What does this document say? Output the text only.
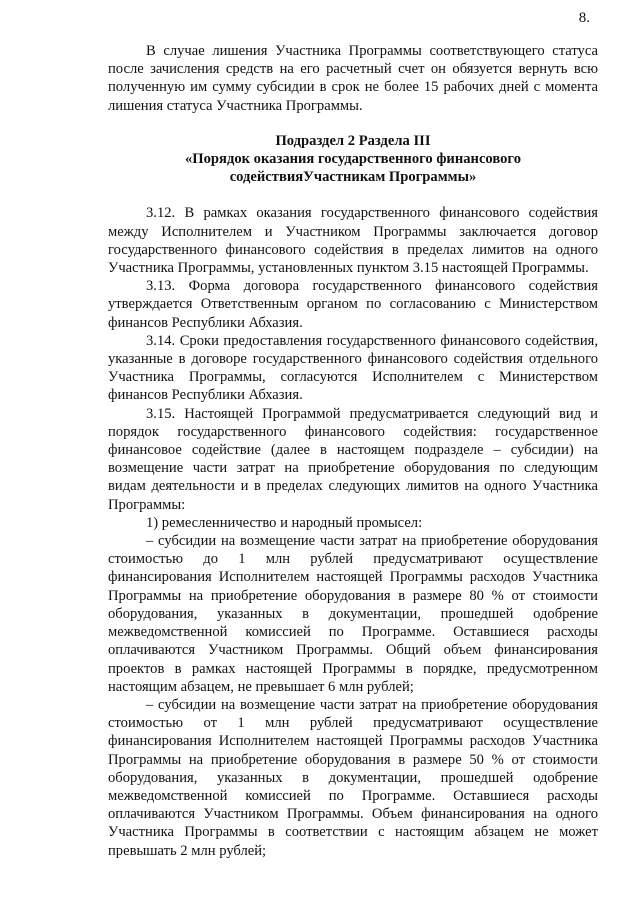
8.

В случае лишения Участника Программы соответствующего статуса после зачисления средств на его расчетный счет он обязуется вернуть всю полученную им сумму субсидии в срок не более 15 рабочих дней с момента лишения статуса Участника Программы.

Подраздел 2 Раздела III
«Порядок оказания государственного финансового
содействияУчастникам Программы»

3.12. В рамках оказания государственного финансового содействия между Исполнителем и Участником Программы заключается договор государственного финансового содействия в пределах лимитов на одного Участника Программы, установленных пунктом 3.15 настоящей Программы.

3.13. Форма договора государственного финансового содействия утверждается Ответственным органом по согласованию с Министерством финансов Республики Абхазия.

3.14. Сроки предоставления государственного финансового содействия, указанные в договоре государственного финансового содействия отдельного Участника Программы, согласуются Исполнителем с Министерством финансов Республики Абхазия.

3.15. Настоящей Программой предусматривается следующий вид и порядок государственного финансового содействия: государственное финансовое содействие (далее в настоящем подразделе – субсидии) на возмещение части затрат на приобретение оборудования по следующим видам деятельности и в пределах следующих лимитов на одного Участника Программы:

1) ремесленничество и народный промысел:

– субсидии на возмещение части затрат на приобретение оборудования стоимостью до 1 млн рублей предусматривают осуществление финансирования Исполнителем настоящей Программы расходов Участника Программы на приобретение оборудования в размере 80 % от стоимости оборудования, указанных в документации, прошедшей одобрение межведомственной комиссией по Программе. Оставшиеся расходы оплачиваются Участником Программы. Общий объем финансирования проектов в рамках настоящей Программы в порядке, предусмотренном настоящим абзацем, не превышает 6 млн рублей;

– субсидии на возмещение части затрат на приобретение оборудования стоимостью от 1 млн рублей предусматривают осуществление финансирования Исполнителем настоящей Программы расходов Участника Программы на приобретение оборудования в размере 50 % от стоимости оборудования, указанных в документации, прошедшей одобрение межведомственной комиссией по Программе. Оставшиеся расходы оплачиваются Участником Программы. Объем финансирования на одного Участника Программы в соответствии с настоящим абзацем не может превышать 2 млн рублей;
